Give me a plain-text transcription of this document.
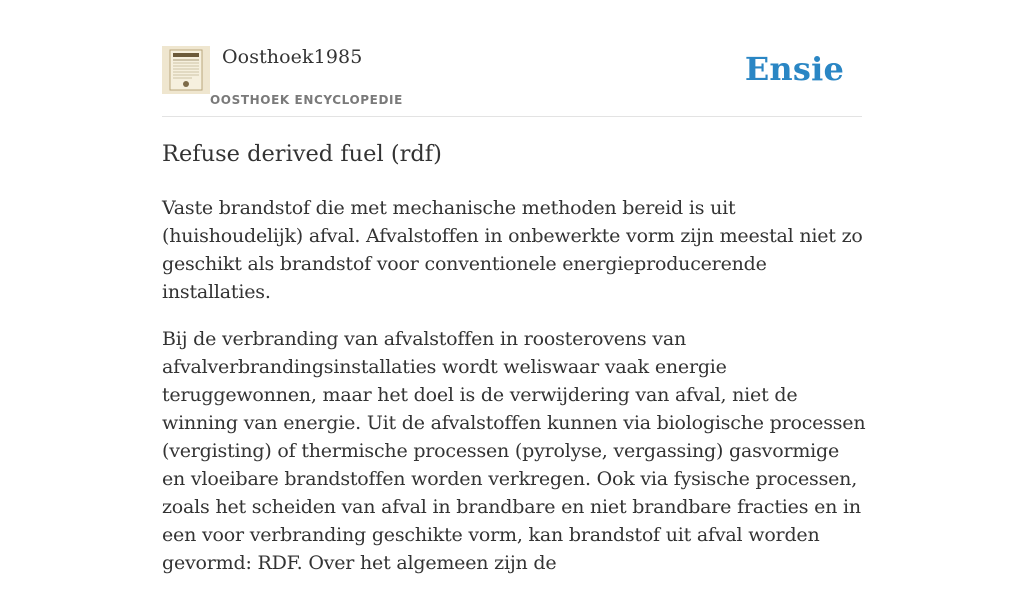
Oosthoek1985
OOSTHOEK ENCYCLOPEDIE
Ensie
Refuse derived fuel (rdf)

Vaste brandstof die met mechanische methoden bereid is uit (huishoudelijk) afval. Afvalstoffen in onbewerkte vorm zijn meestal niet zo geschikt als brandstof voor conventionele energieproducerende installaties.

Bij de verbranding van afvalstoffen in roosterovens van afvalverbrandingsinstallaties wordt weliswaar vaak energie teruggewonnen, maar het doel is de verwijdering van afval, niet de winning van energie. Uit de afvalstoffen kunnen via biologische processen (vergisting) of thermische processen (pyrolyse, vergassing) gasvormige en vloeibare brandstoffen worden verkregen. Ook via fysische processen, zoals het scheiden van afval in brandbare en niet brandbare fracties en in een voor verbranding geschikte vorm, kan brandstof uit afval worden gevormd: RDF. Over het algemeen zijn de
